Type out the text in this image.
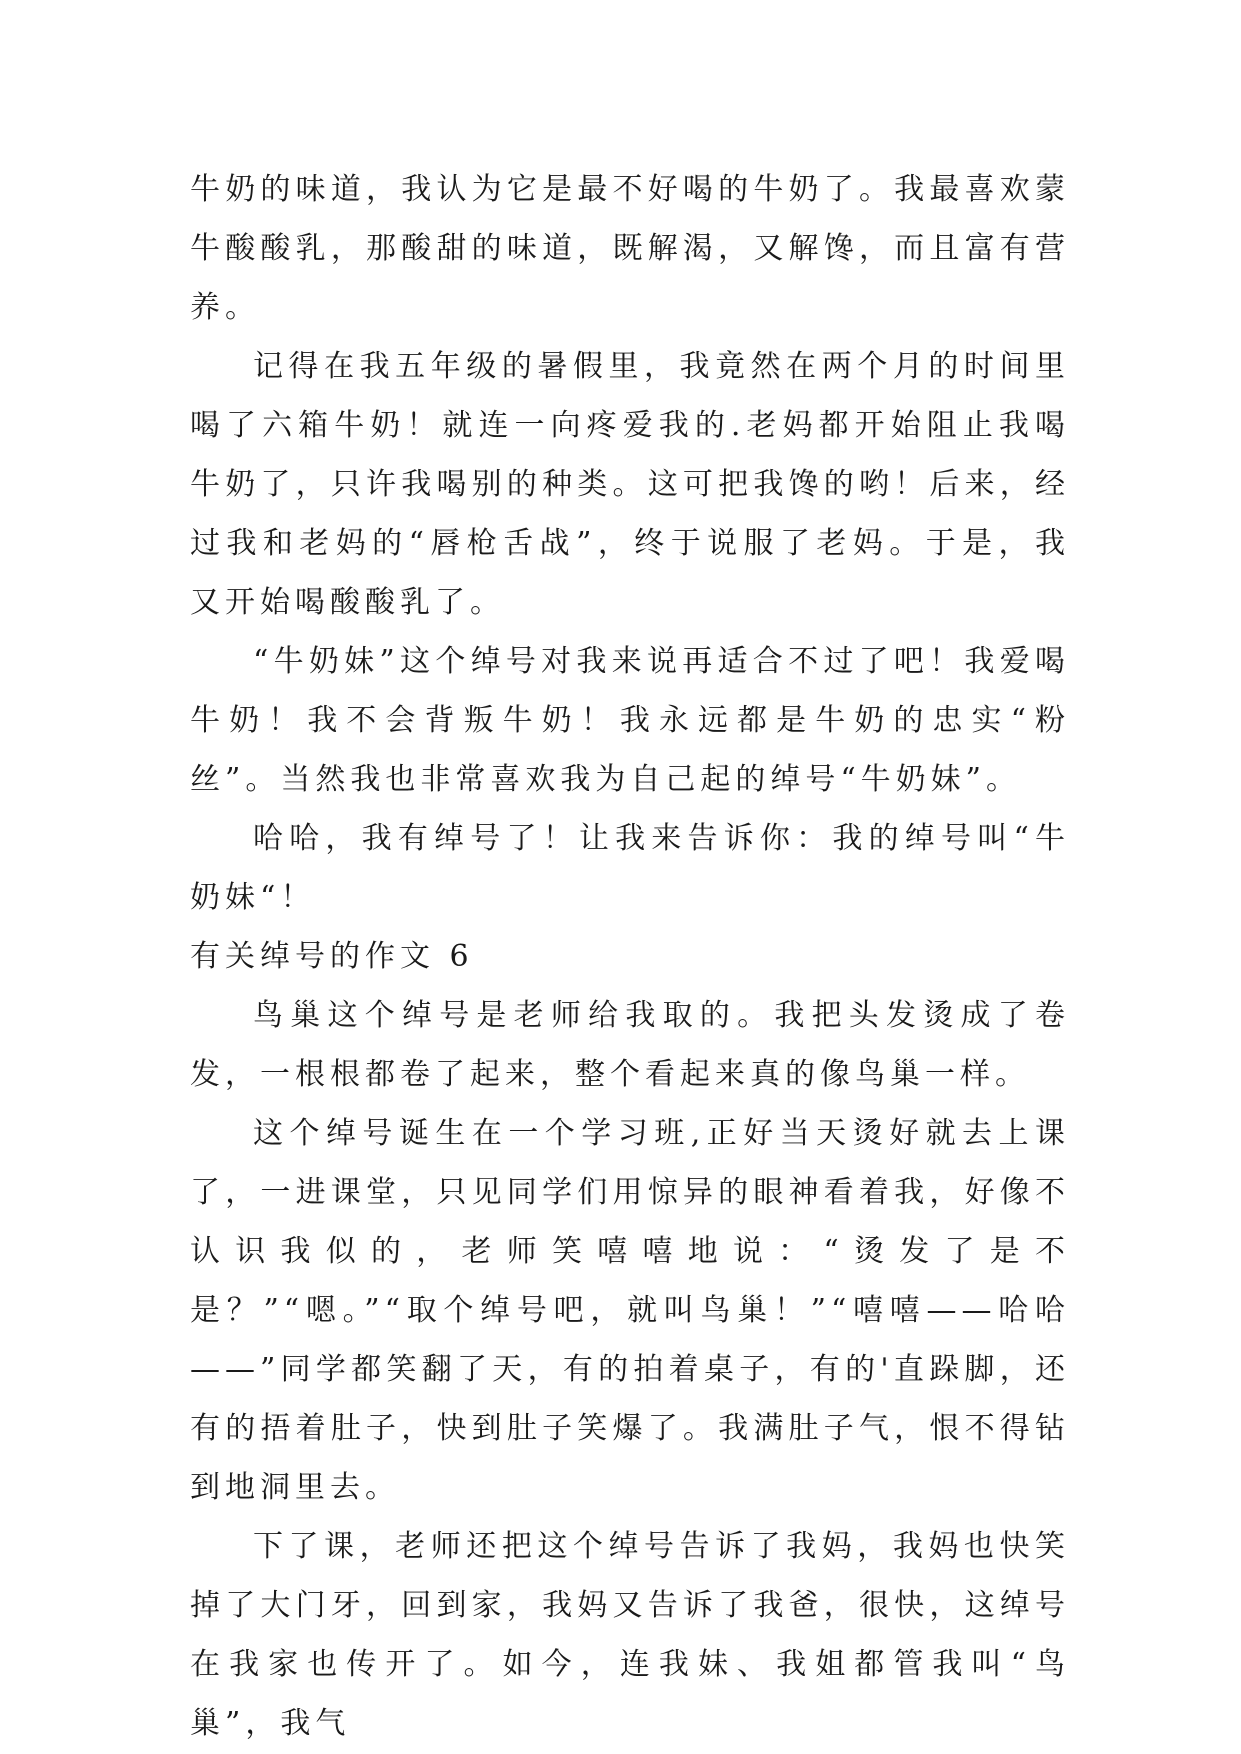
牛奶的味道，我认为它是最不好喝的牛奶了。我最喜欢蒙牛酸酸乳，那酸甜的味道，既解渴，又解馋，而且富有营养。

记得在我五年级的暑假里，我竟然在两个月的时间里喝了六箱牛奶！就连一向疼爱我的.老妈都开始阻止我喝牛奶了，只许我喝别的种类。这可把我馋的哟！后来，经过我和老妈的“唇枪舌战”，终于说服了老妈。于是，我又开始喝酸酸乳了。

“牛奶妹”这个绰号对我来说再适合不过了吧！我爱喝牛奶！我不会背叛牛奶！我永远都是牛奶的忠实“粉丝”。当然我也非常喜欢我为自己起的绰号“牛奶妹”。

哈哈，我有绰号了！让我来告诉你：我的绰号叫“牛奶妹“！

有关绰号的作文 6

鸟巢这个绰号是老师给我取的。我把头发烫成了卷发，一根根都卷了起来，整个看起来真的像鸟巢一样。

这个绰号诞生在一个学习班,正好当天烫好就去上课了，一进课堂，只见同学们用惊异的眼神看着我，好像不认识我似的，老师笑嘻嘻地说：“烫发了是不是？”“嗯。”“取个绰号吧，就叫鸟巢！”“嘻嘻——哈哈——”同学都笑翻了天，有的拍着桌子，有的'直跺脚，还有的捂着肚子，快到肚子笑爆了。我满肚子气，恨不得钻到地洞里去。

下了课，老师还把这个绰号告诉了我妈，我妈也快笑掉了大门牙，回到家，我妈又告诉了我爸，很快，这绰号在我家也传开了。如今，连我妹、我姐都管我叫“鸟巢”，我气
